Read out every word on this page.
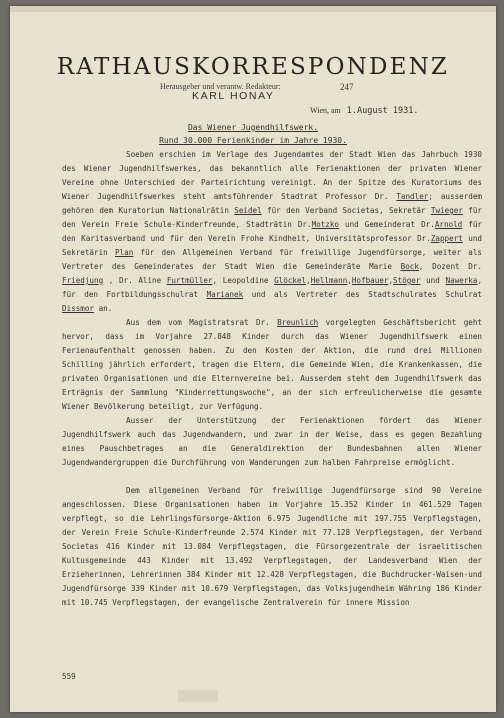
RATHAUSKORRESPONDENZ
Herausgeber und verantw. Redakteur:	247
KARL HONAY
Wien, am 1.August 1931.
Das Wiener Jugendhilfswerk.
Rund 30.000 Ferienkinder im Jahre 1930.

Soeben erschien im Verlage des Jugendamtes der Stadt Wien das Jahrbuch 1930 des Wiener Jugendhilfswerkes, das bekanntlich alle Ferienaktionen der privaten Wiener Vereine ohne Unterschied der Parteirichtung vereinigt. An der Spitze des Kuratoriums des Wiener Jugendhilfswerkes steht amtsführender Stadtrat Professor Dr. Tandler; ausserdem gehören dem Kuratorium Nationalrätin Seidel für den Verband Societas, Sekretär Twieger für den Verein Freie Schule-Kinderfreunde, Stadträtin Dr.Motzko und Gemeinderat Dr.Arnold für den Karitasverband und für den Verein Frohe Kindheit, Universitätsprofessor Dr.Zappert und Sekretärin Plan für den Allgemeinen Verband für freiwillige Jugendfürsorge, weiter als Vertreter des Gemeinderates der Stadt Wien die Gemeinderäte Marie Bock, Dozent Dr. Friedjung , Dr. Aline Furtmüller, Leopoldine Glöckel,Hellmann,Hofbauer,Stöger und Nawerka, für den Fortbildungsschulrat Marianek und als Vertreter des Stadtschulrates Schulrat Dissmor an.

Aus dem vom Magistratsrat Dr. Breunlich vorgelegten Geschäftsbericht geht hervor, dass im Vorjahre 27.848 Kinder durch das Wiener Jugendhilfswerk einen Ferienaufenthalt genossen haben. Zu den Kosten der Aktion, die rund drei Millionen Schilling jährlich erfordert, tragen die Eltern, die Gemeinde Wien, die Krankenkassen, die privaten Organisationen und die Elternvereine bei. Ausserdem steht dem Jugendhilfswerk das Erträgnis der Sammlung "Kinderrettungswoche", an der sich erfreulicherweise die gesamte Wiener Bevölkerung beteiligt, zur Verfügung.

Ausser der Unterstützung der Ferienaktionen fördert das Wiener Jugendhilfswerk auch das Jugendwandern, und zwar in der Weise, dass es gegen Bezahlung eines Pauschbetrages an die Generaldirektion der Bundesbahnen allen Wiener Jugendwandergruppen die Durchführung von Wanderungen zum halben Fahrpreise ermöglicht.

Dem allgemeinen Verband für freiwillige Jugendfürsorge sind 90 Vereine angeschlossen. Diese Organisationen haben im Vorjahre 15.352 Kinder in 461.529 Tagen verpflegt, so die Lehrlingsfürsorge-Aktion 6.975 Jugendliche mit 197.755 Verpflegstagen, der Verein Freie Schule-Kinderfreunde 2.574 Kinder mit 77.128 Verpflegstagen, der Verband Societas 416 Kinder mit 13.084 Verpflegstagen, die Fürsorgezentrale der israelitischen Kultusgemeinde 443 Kinder mit 13.492 Verpflegstagen, der Landesverband Wien der Erzieherinnen, Lehrerinnen 384 Kinder mit 12.428 Verpflegstagen, die Buchdrucker-Waisen-und Jugendfürsorge 339 Kinder mit 10.679 Verpflegstagen, das Volksjugendheim Währing 186 Kinder mit 10.745 Verpflegstagen, der evangelische Zentralverein für innere Mission

559
